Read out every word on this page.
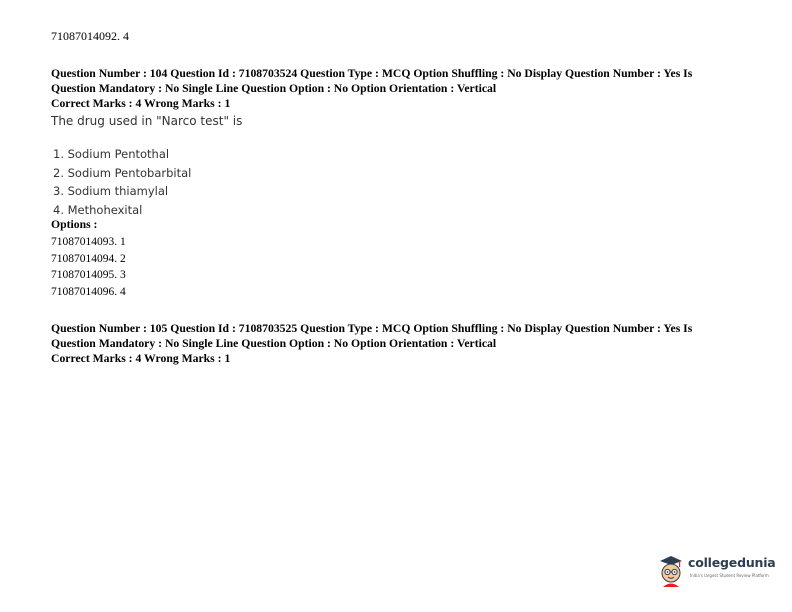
71087014092. 4
Question Number : 104 Question Id : 7108703524 Question Type : MCQ Option Shuffling : No Display Question Number : Yes Is
Question Mandatory : No Single Line Question Option : No Option Orientation : Vertical
Correct Marks : 4 Wrong Marks : 1
The drug used in "Narco test" is
1. Sodium Pentothal
2. Sodium Pentobarbital
3. Sodium thiamylal
4. Methohexital
Options :
71087014093. 1
71087014094. 2
71087014095. 3
71087014096. 4
Question Number : 105 Question Id : 7108703525 Question Type : MCQ Option Shuffling : No Display Question Number : Yes Is
Question Mandatory : No Single Line Question Option : No Option Orientation : Vertical
Correct Marks : 4 Wrong Marks : 1
collegedunia
India's largest Student Review Platform
